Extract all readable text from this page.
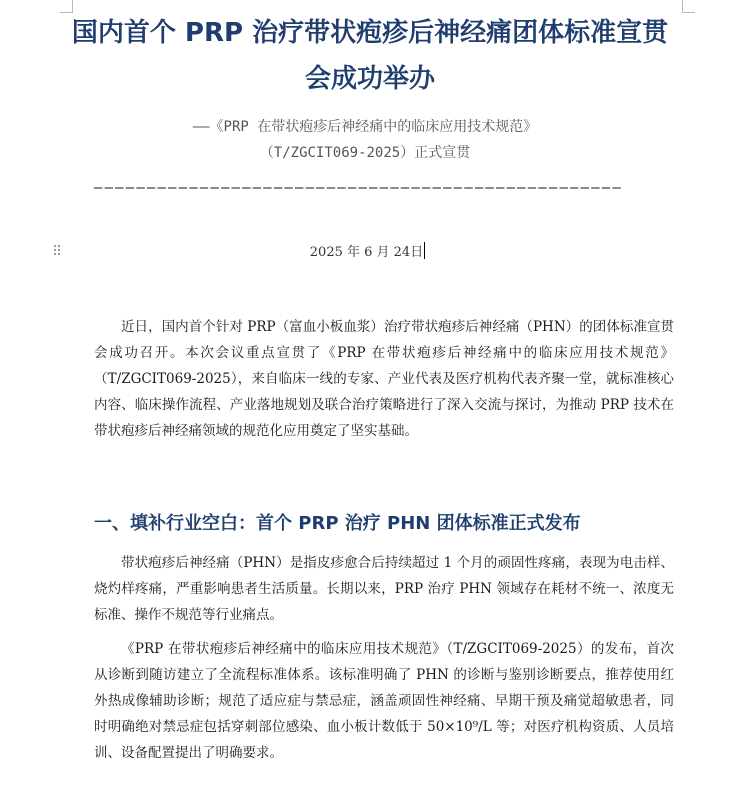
国内首个 PRP 治疗带状疱疹后神经痛团体标准宣贯会成功举办
——《PRP 在带状疱疹后神经痛中的临床应用技术规范》
（T/ZGCIT069-2025）正式宣贯
――――――――――――――――――――――――――――――――――――――――――――――――――
⠿	2025 年 6 月 24日

近日，国内首个针对 PRP（富血小板血浆）治疗带状疱疹后神经痛（PHN）的团体标准宣贯会成功召开。本次会议重点宣贯了《PRP 在带状疱疹后神经痛中的临床应用技术规范》（T/ZGCIT069-2025），来自临床一线的专家、产业代表及医疗机构代表齐聚一堂，就标准核心内容、临床操作流程、产业落地规划及联合治疗策略进行了深入交流与探讨，为推动 PRP 技术在带状疱疹后神经痛领域的规范化应用奠定了坚实基础。

一、填补行业空白：首个 PRP 治疗 PHN 团体标准正式发布

带状疱疹后神经痛（PHN）是指皮疹愈合后持续超过 1 个月的顽固性疼痛，表现为电击样、烧灼样疼痛，严重影响患者生活质量。长期以来，PRP 治疗 PHN 领域存在耗材不统一、浓度无标准、操作不规范等行业痛点。

《PRP 在带状疱疹后神经痛中的临床应用技术规范》（T/ZGCIT069-2025）的发布，首次从诊断到随访建立了全流程标准体系。该标准明确了 PHN 的诊断与鉴别诊断要点，推荐使用红外热成像辅助诊断；规范了适应症与禁忌症，涵盖顽固性神经痛、早期干预及痛觉超敏患者，同时明确绝对禁忌症包括穿刺部位感染、血小板计数低于 50×10⁹/L 等；对医疗机构资质、人员培训、设备配置提出了明确要求。
